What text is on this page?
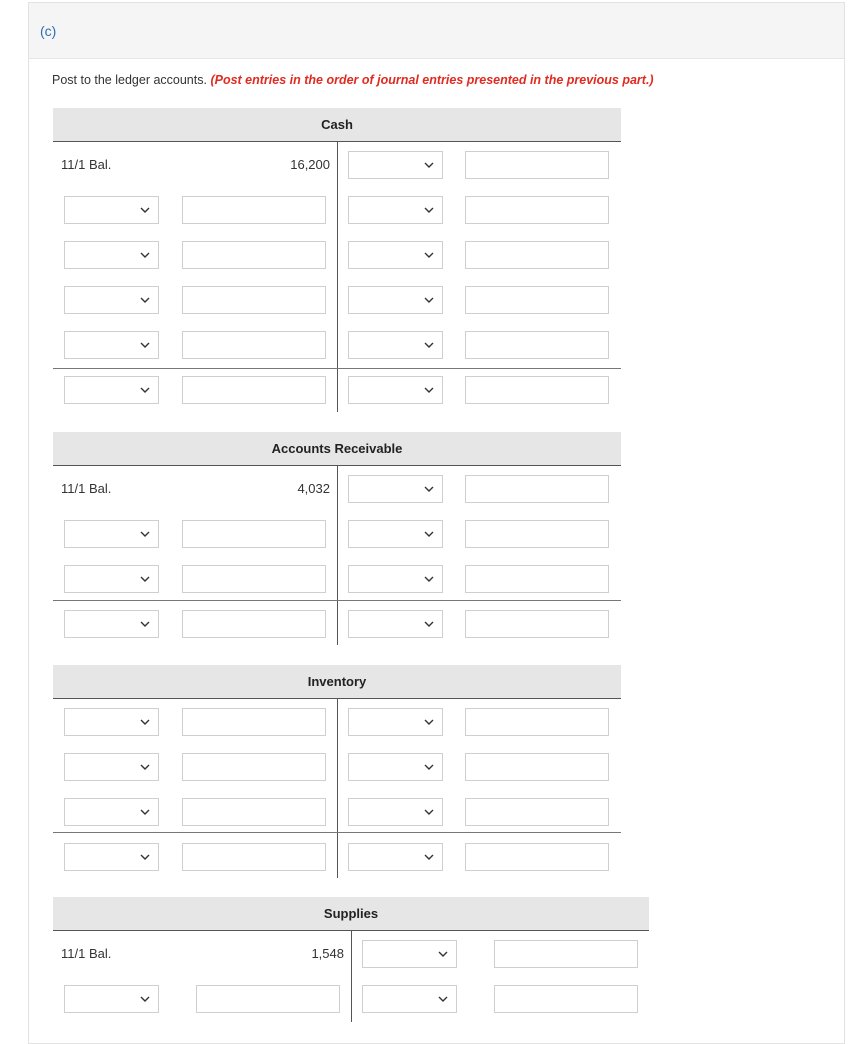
(c)
Post to the ledger accounts. (Post entries in the order of journal entries presented in the previous part.)
Cash
11/1 Bal.	16,200
Accounts Receivable
11/1 Bal.	4,032
Inventory
Supplies
11/1 Bal.	1,548
